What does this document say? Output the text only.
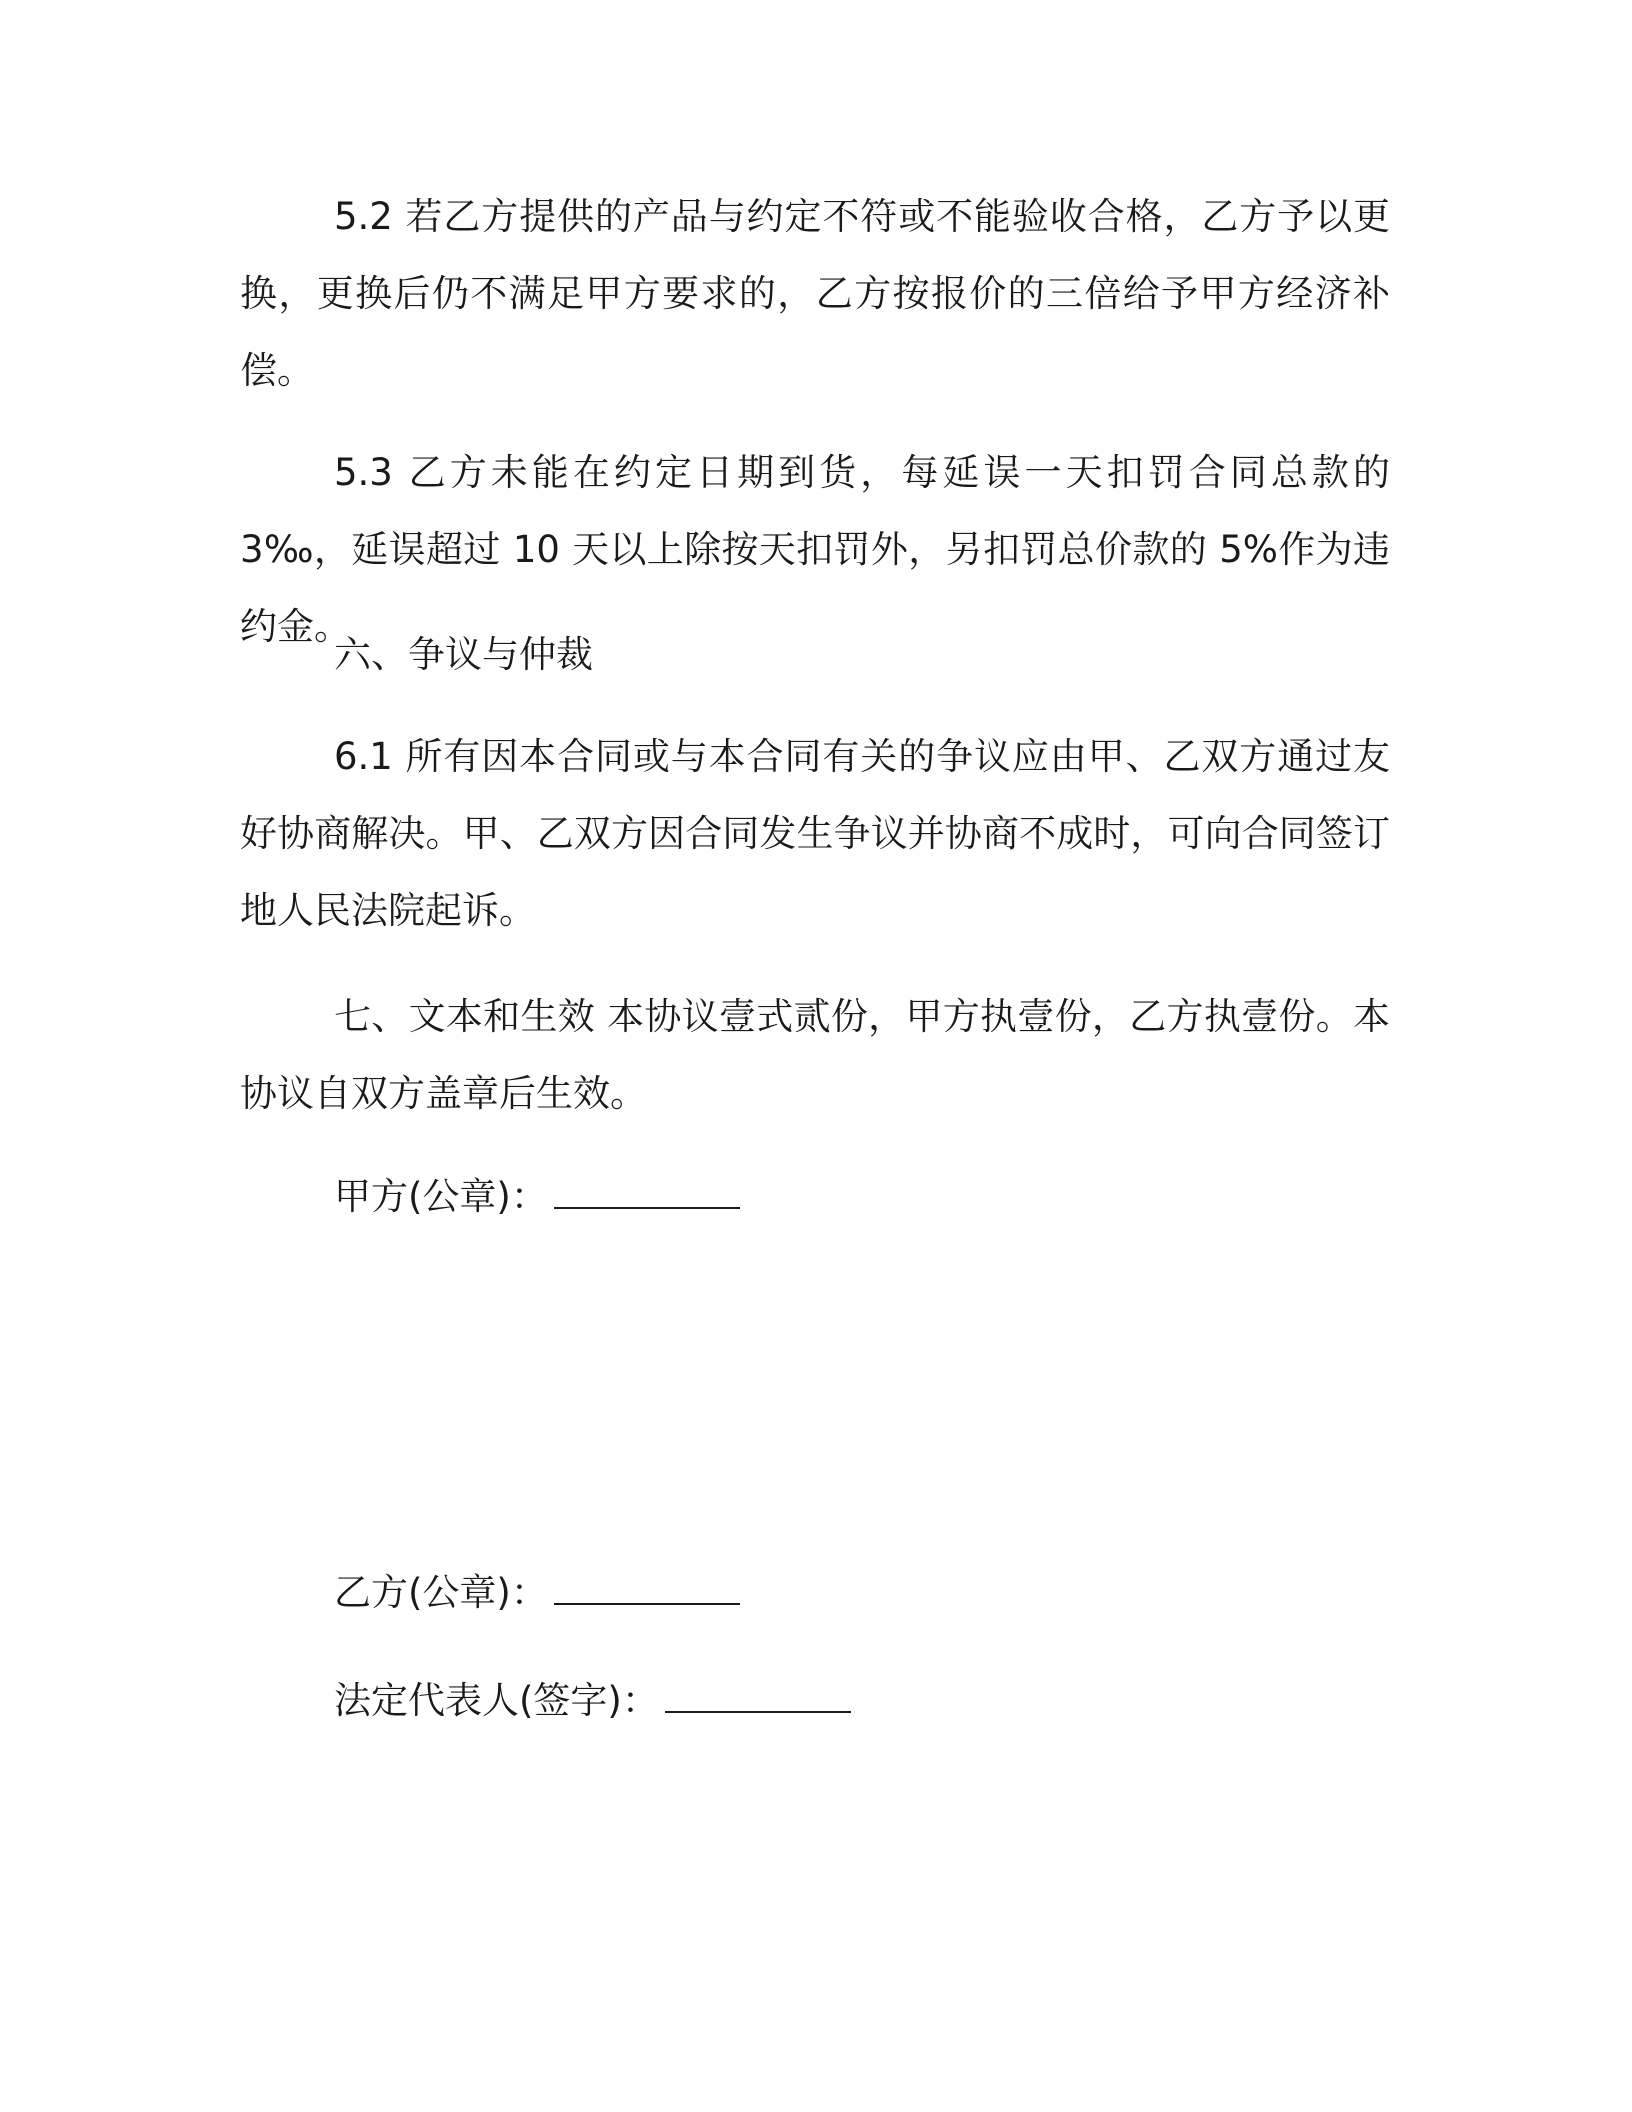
5.2 若乙方提供的产品与约定不符或不能验收合格，乙方予以更换，更换后仍不满足甲方要求的，乙方按报价的三倍给予甲方经济补偿。

5.3 乙方未能在约定日期到货，每延误一天扣罚合同总款的 3‰，延误超过 10 天以上除按天扣罚外，另扣罚总价款的 5%作为违约金。

六、争议与仲裁

6.1 所有因本合同或与本合同有关的争议应由甲、乙双方通过友好协商解决。甲、乙双方因合同发生争议并协商不成时，可向合同签订地人民法院起诉。

七、文本和生效 本协议壹式贰份，甲方执壹份，乙方执壹份。本协议自双方盖章后生效。

甲方(公章)：

乙方(公章)：

法定代表人(签字)：
